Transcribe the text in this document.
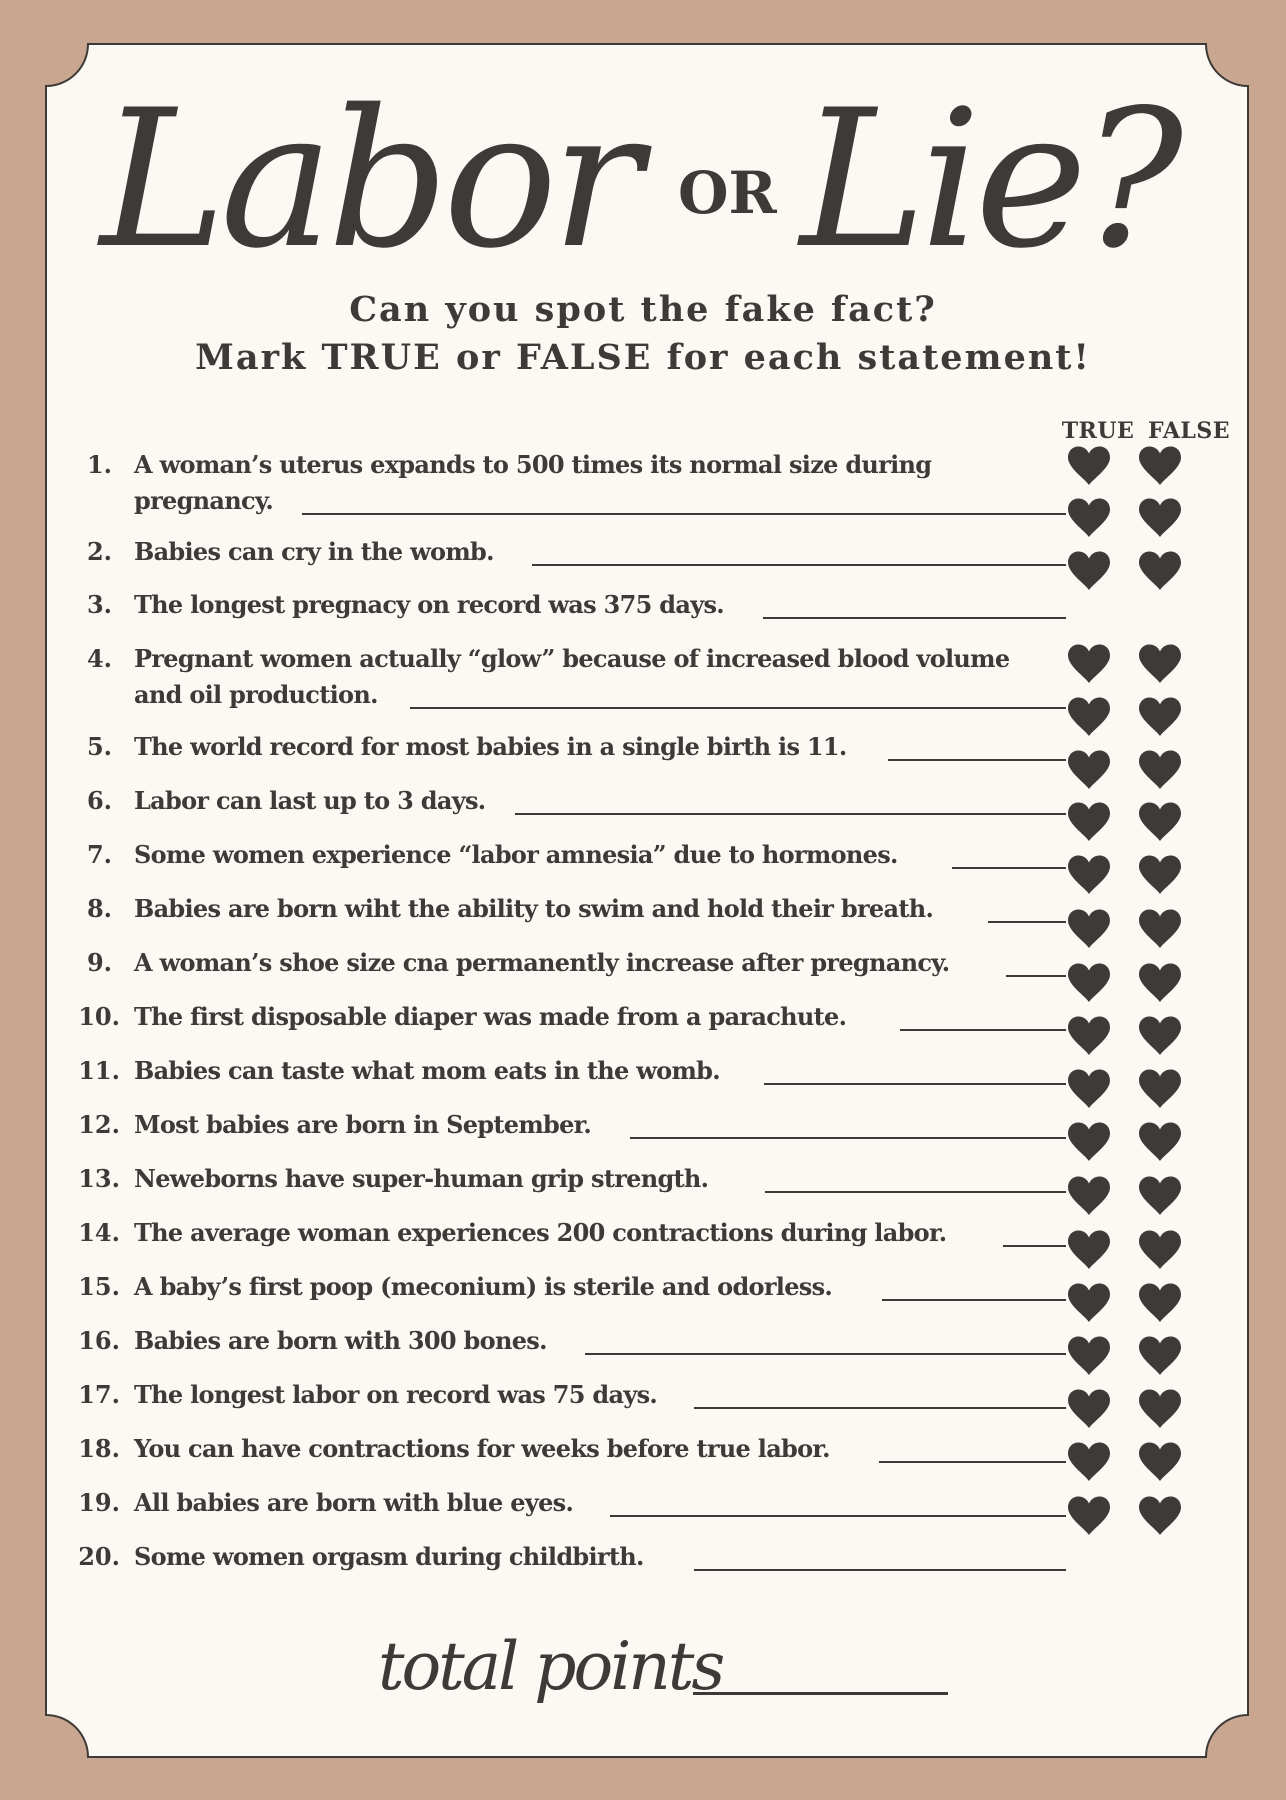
Labor OR Lie?
Can you spot the fake fact?
Mark TRUE or FALSE for each statement!
TRUE FALSE
1. A woman’s uterus expands to 500 times its normal size during
pregnancy.
2. Babies can cry in the womb.
3. The longest pregnacy on record was 375 days.
4. Pregnant women actually “glow” because of increased blood volume
and oil production.
5. The world record for most babies in a single birth is 11.
6. Labor can last up to 3 days.
7. Some women experience “labor amnesia” due to hormones.
8. Babies are born wiht the ability to swim and hold their breath.
9. A woman’s shoe size cna permanently increase after pregnancy.
10. The first disposable diaper was made from a parachute.
11. Babies can taste what mom eats in the womb.
12. Most babies are born in September.
13. Neweborns have super-human grip strength.
14. The average woman experiences 200 contractions during labor.
15. A baby’s first poop (meconium) is sterile and odorless.
16. Babies are born with 300 bones.
17. The longest labor on record was 75 days.
18. You can have contractions for weeks before true labor.
19. All babies are born with blue eyes.
20. Some women orgasm during childbirth.
total points
